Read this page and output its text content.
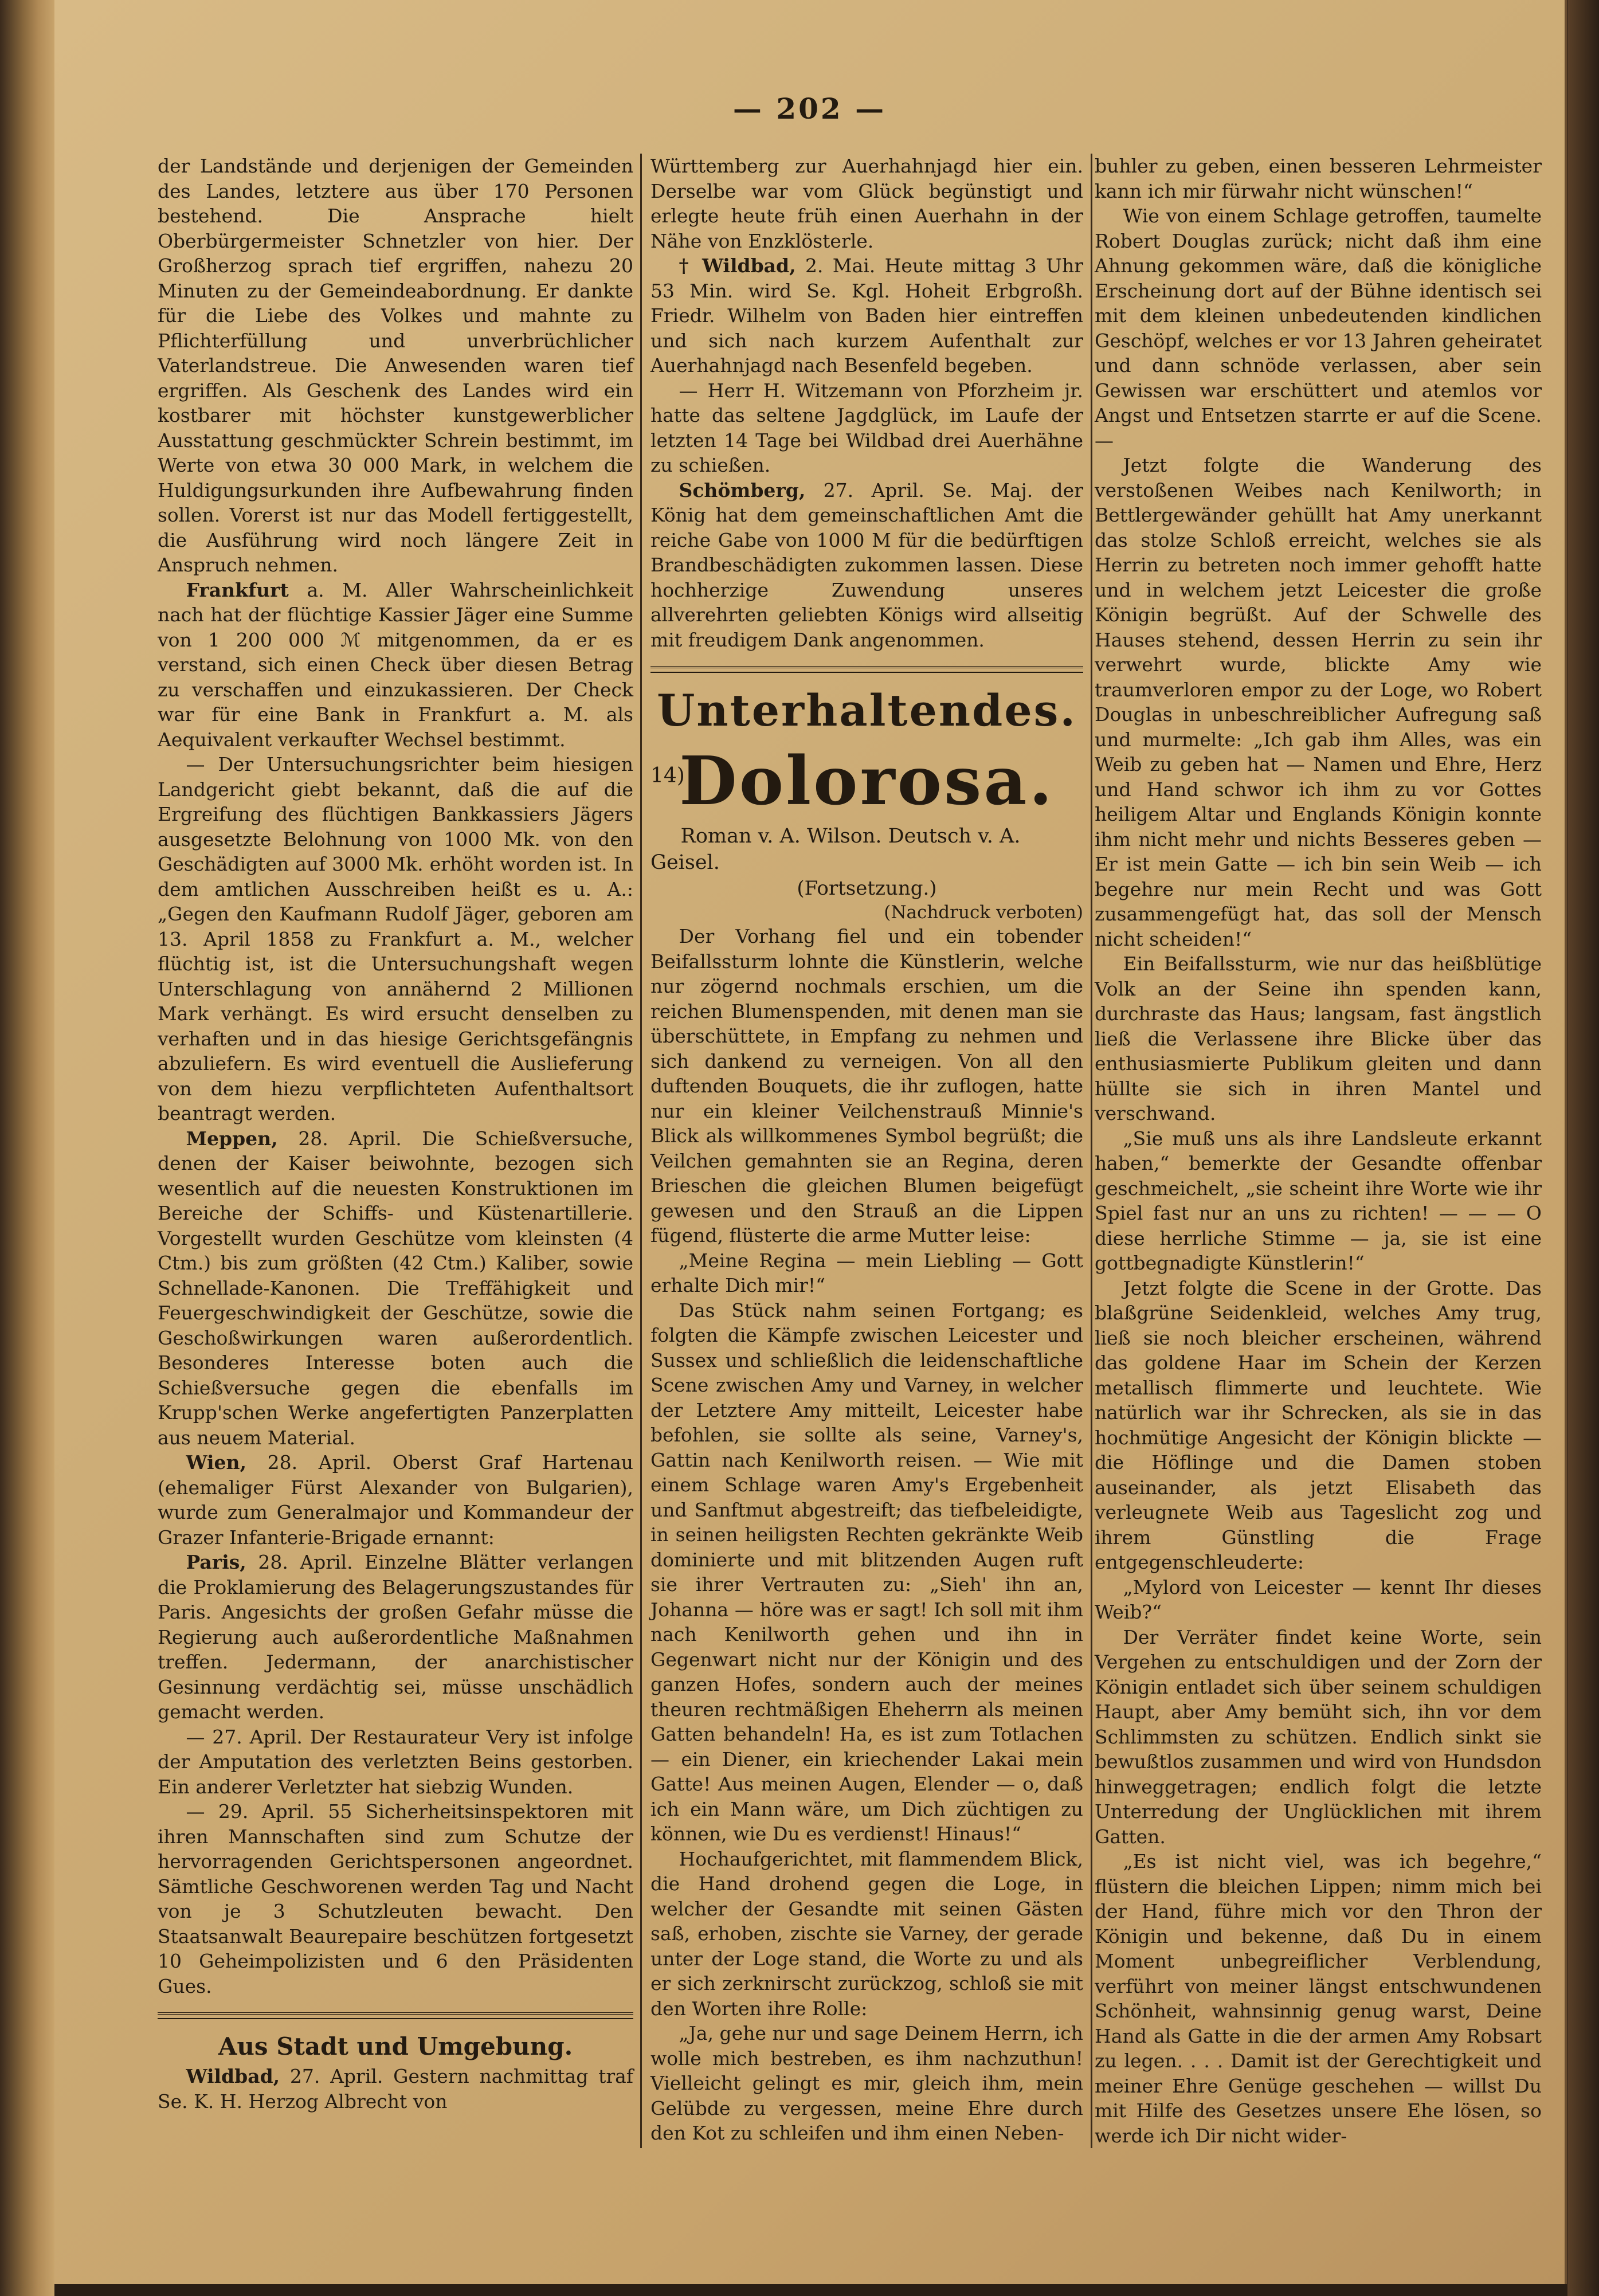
— 202 —

der Landstände und derjenigen der Gemeinden des Landes, letztere aus über 170 Personen bestehend. Die Ansprache hielt Oberbürgermeister Schnetzler von hier. Der Großherzog sprach tief ergriffen, nahezu 20 Minuten zu der Gemeindeabordnung. Er dankte für die Liebe des Volkes und mahnte zu Pflichterfüllung und unverbrüchlicher Vaterlandstreue. Die Anwesenden waren tief ergriffen. Als Geschenk des Landes wird ein kostbarer mit höchster kunstgewerblicher Ausstattung geschmückter Schrein bestimmt, im Werte von etwa 30 000 Mark, in welchem die Huldigungsurkunden ihre Aufbewahrung finden sollen. Vorerst ist nur das Modell fertiggestellt, die Ausführung wird noch längere Zeit in Anspruch nehmen.

Frankfurt a. M. Aller Wahrscheinlichkeit nach hat der flüchtige Kassier Jäger eine Summe von 1 200 000 ℳ mitgenommen, da er es verstand, sich einen Check über diesen Betrag zu verschaffen und einzukassieren. Der Check war für eine Bank in Frankfurt a. M. als Aequivalent verkaufter Wechsel bestimmt.

— Der Untersuchungsrichter beim hiesigen Landgericht giebt bekannt, daß die auf die Ergreifung des flüchtigen Bankkassiers Jägers ausgesetzte Belohnung von 1000 Mk. von den Geschädigten auf 3000 Mk. erhöht worden ist. In dem amtlichen Ausschreiben heißt es u. A.: „Gegen den Kaufmann Rudolf Jäger, geboren am 13. April 1858 zu Frankfurt a. M., welcher flüchtig ist, ist die Untersuchungshaft wegen Unterschlagung von annähernd 2 Millionen Mark verhängt. Es wird ersucht denselben zu verhaften und in das hiesige Gerichtsgefängnis abzuliefern. Es wird eventuell die Auslieferung von dem hiezu verpflichteten Aufenthaltsort beantragt werden.

Meppen, 28. April. Die Schießversuche, denen der Kaiser beiwohnte, bezogen sich wesentlich auf die neuesten Konstruktionen im Bereiche der Schiffs- und Küstenartillerie. Vorgestellt wurden Geschütze vom kleinsten (4 Ctm.) bis zum größten (42 Ctm.) Kaliber, sowie Schnellade-Kanonen. Die Treffähigkeit und Feuergeschwindigkeit der Geschütze, sowie die Geschoßwirkungen waren außerordentlich. Besonderes Interesse boten auch die Schießversuche gegen die ebenfalls im Krupp'schen Werke angefertigten Panzerplatten aus neuem Material.

Wien, 28. April. Oberst Graf Hartenau (ehemaliger Fürst Alexander von Bulgarien), wurde zum Generalmajor und Kommandeur der Grazer Infanterie-Brigade ernannt:

Paris, 28. April. Einzelne Blätter verlangen die Proklamierung des Belagerungszustandes für Paris. Angesichts der großen Gefahr müsse die Regierung auch außerordentliche Maßnahmen treffen. Jedermann, der anarchistischer Gesinnung verdächtig sei, müsse unschädlich gemacht werden.

— 27. April. Der Restaurateur Very ist infolge der Amputation des verletzten Beins gestorben. Ein anderer Verletzter hat siebzig Wunden.

— 29. April. 55 Sicherheitsinspektoren mit ihren Mannschaften sind zum Schutze der hervorragenden Gerichtspersonen angeordnet. Sämtliche Geschworenen werden Tag und Nacht von je 3 Schutzleuten bewacht. Den Staatsanwalt Beaurepaire beschützen fortgesetzt 10 Geheimpolizisten und 6 den Präsidenten Gues.

Aus Stadt und Umgebung.

Wildbad, 27. April. Gestern nachmittag traf Se. K. H. Herzog Albrecht von

Württemberg zur Auerhahnjagd hier ein. Derselbe war vom Glück begünstigt und erlegte heute früh einen Auerhahn in der Nähe von Enzklösterle.

† Wildbad, 2. Mai. Heute mittag 3 Uhr 53 Min. wird Se. Kgl. Hoheit Erbgroßh. Friedr. Wilhelm von Baden hier eintreffen und sich nach kurzem Aufenthalt zur Auerhahnjagd nach Besenfeld begeben.

— Herr H. Witzemann von Pforzheim jr. hatte das seltene Jagdglück, im Laufe der letzten 14 Tage bei Wildbad drei Auerhähne zu schießen.

Schömberg, 27. April. Se. Maj. der König hat dem gemeinschaftlichen Amt die reiche Gabe von 1000 M für die bedürftigen Brandbeschädigten zukommen lassen. Diese hochherzige Zuwendung unseres allverehrten geliebten Königs wird allseitig mit freudigem Dank angenommen.

Unterhaltendes.
14)
Dolorosa.

Roman v. A. Wilson. Deutsch v. A. Geisel.

(Fortsetzung.)

(Nachdruck verboten)

Der Vorhang fiel und ein tobender Beifallssturm lohnte die Künstlerin, welche nur zögernd nochmals erschien, um die reichen Blumenspenden, mit denen man sie überschüttete, in Empfang zu nehmen und sich dankend zu verneigen. Von all den duftenden Bouquets, die ihr zuflogen, hatte nur ein kleiner Veilchenstrauß Minnie's Blick als willkommenes Symbol begrüßt; die Veilchen gemahnten sie an Regina, deren Brieschen die gleichen Blumen beigefügt gewesen und den Strauß an die Lippen fügend, flüsterte die arme Mutter leise:

„Meine Regina — mein Liebling — Gott erhalte Dich mir!“

Das Stück nahm seinen Fortgang; es folgten die Kämpfe zwischen Leicester und Sussex und schließlich die leidenschaftliche Scene zwischen Amy und Varney, in welcher der Letztere Amy mitteilt, Leicester habe befohlen, sie sollte als seine, Varney's, Gattin nach Kenilworth reisen. — Wie mit einem Schlage waren Amy's Ergebenheit und Sanftmut abgestreift; das tiefbeleidigte, in seinen heiligsten Rechten gekränkte Weib dominierte und mit blitzenden Augen ruft sie ihrer Vertrauten zu: „Sieh' ihn an, Johanna — höre was er sagt! Ich soll mit ihm nach Kenilworth gehen und ihn in Gegenwart nicht nur der Königin und des ganzen Hofes, sondern auch der meines theuren rechtmäßigen Eheherrn als meinen Gatten behandeln! Ha, es ist zum Totlachen — ein Diener, ein kriechender Lakai mein Gatte! Aus meinen Augen, Elender — o, daß ich ein Mann wäre, um Dich züchtigen zu können, wie Du es verdienst! Hinaus!“

Hochaufgerichtet, mit flammendem Blick, die Hand drohend gegen die Loge, in welcher der Gesandte mit seinen Gästen saß, erhoben, zischte sie Varney, der gerade unter der Loge stand, die Worte zu und als er sich zerknirscht zurückzog, schloß sie mit den Worten ihre Rolle:

„Ja, gehe nur und sage Deinem Herrn, ich wolle mich bestreben, es ihm nachzuthun! Vielleicht gelingt es mir, gleich ihm, mein Gelübde zu vergessen, meine Ehre durch den Kot zu schleifen und ihm einen Neben-

buhler zu geben, einen besseren Lehrmeister kann ich mir fürwahr nicht wünschen!“

Wie von einem Schlage getroffen, taumelte Robert Douglas zurück; nicht daß ihm eine Ahnung gekommen wäre, daß die königliche Erscheinung dort auf der Bühne identisch sei mit dem kleinen unbedeutenden kindlichen Geschöpf, welches er vor 13 Jahren geheiratet und dann schnöde verlassen, aber sein Gewissen war erschüttert und atemlos vor Angst und Entsetzen starrte er auf die Scene. —

Jetzt folgte die Wanderung des verstoßenen Weibes nach Kenilworth; in Bettlergewänder gehüllt hat Amy unerkannt das stolze Schloß erreicht, welches sie als Herrin zu betreten noch immer gehofft hatte und in welchem jetzt Leicester die große Königin begrüßt. Auf der Schwelle des Hauses stehend, dessen Herrin zu sein ihr verwehrt wurde, blickte Amy wie traumverloren empor zu der Loge, wo Robert Douglas in unbeschreiblicher Aufregung saß und murmelte: „Ich gab ihm Alles, was ein Weib zu geben hat — Namen und Ehre, Herz und Hand schwor ich ihm zu vor Gottes heiligem Altar und Englands Königin konnte ihm nicht mehr und nichts Besseres geben — Er ist mein Gatte — ich bin sein Weib — ich begehre nur mein Recht und was Gott zusammengefügt hat, das soll der Mensch nicht scheiden!“

Ein Beifallssturm, wie nur das heißblütige Volk an der Seine ihn spenden kann, durchraste das Haus; langsam, fast ängstlich ließ die Verlassene ihre Blicke über das enthusiasmierte Publikum gleiten und dann hüllte sie sich in ihren Mantel und verschwand.

„Sie muß uns als ihre Landsleute erkannt haben,“ bemerkte der Gesandte offenbar geschmeichelt, „sie scheint ihre Worte wie ihr Spiel fast nur an uns zu richten! — — — O diese herrliche Stimme — ja, sie ist eine gottbegnadigte Künstlerin!“

Jetzt folgte die Scene in der Grotte. Das blaßgrüne Seidenkleid, welches Amy trug, ließ sie noch bleicher erscheinen, während das goldene Haar im Schein der Kerzen metallisch flimmerte und leuchtete. Wie natürlich war ihr Schrecken, als sie in das hochmütige Angesicht der Königin blickte — die Höflinge und die Damen stoben auseinander, als jetzt Elisabeth das verleugnete Weib aus Tageslicht zog und ihrem Günstling die Frage entgegenschleuderte:

„Mylord von Leicester — kennt Ihr dieses Weib?“

Der Verräter findet keine Worte, sein Vergehen zu entschuldigen und der Zorn der Königin entladet sich über seinem schuldigen Haupt, aber Amy bemüht sich, ihn vor dem Schlimmsten zu schützen. Endlich sinkt sie bewußtlos zusammen und wird von Hundsdon hinweggetragen; endlich folgt die letzte Unterredung der Unglücklichen mit ihrem Gatten.

„Es ist nicht viel, was ich begehre,“ flüstern die bleichen Lippen; nimm mich bei der Hand, führe mich vor den Thron der Königin und bekenne, daß Du in einem Moment unbegreiflicher Verblendung, verführt von meiner längst entschwundenen Schönheit, wahnsinnig genug warst, Deine Hand als Gatte in die der armen Amy Robsart zu legen. . . . Damit ist der Gerechtigkeit und meiner Ehre Genüge geschehen — willst Du mit Hilfe des Gesetzes unsere Ehe lösen, so werde ich Dir nicht wider-
